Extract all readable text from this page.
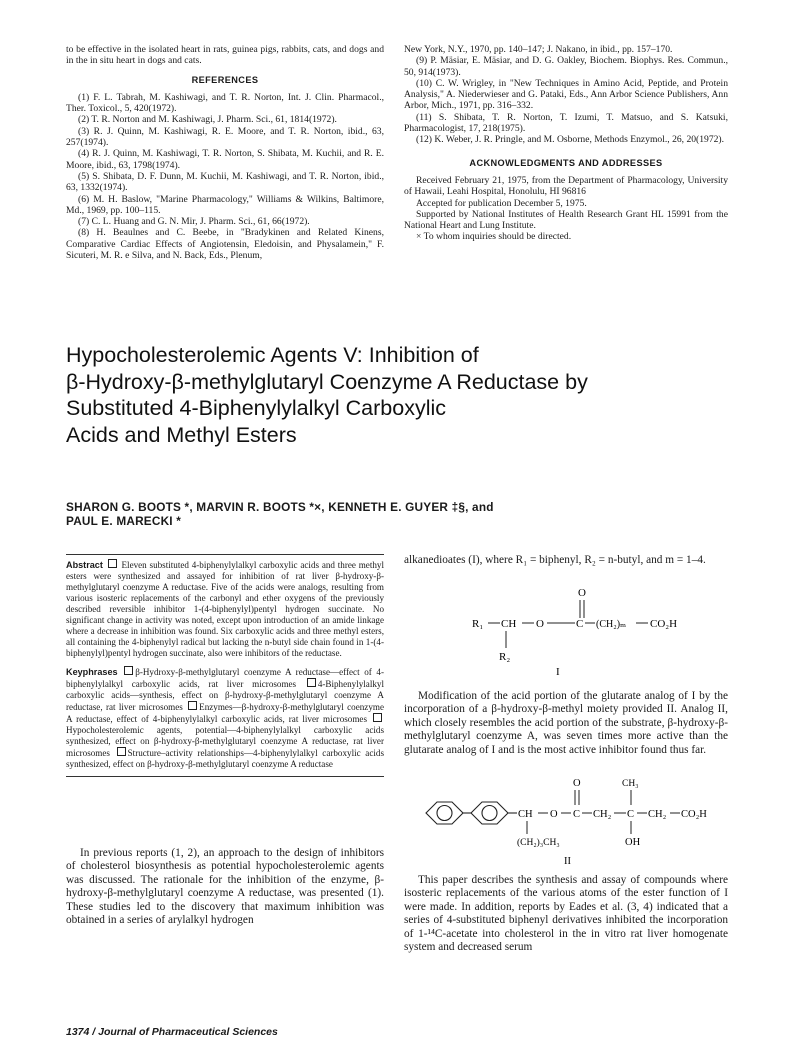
to be effective in the isolated heart in rats, guinea pigs, rabbits, cats, and dogs and in the in situ heart in dogs and cats.

REFERENCES

(1) F. L. Tabrah, M. Kashiwagi, and T. R. Norton, Int. J. Clin. Pharmacol., Ther. Toxicol., 5, 420(1972).

(2) T. R. Norton and M. Kashiwagi, J. Pharm. Sci., 61, 1814(1972).

(3) R. J. Quinn, M. Kashiwagi, R. E. Moore, and T. R. Norton, ibid., 63, 257(1974).

(4) R. J. Quinn, M. Kashiwagi, T. R. Norton, S. Shibata, M. Kuchii, and R. E. Moore, ibid., 63, 1798(1974).

(5) S. Shibata, D. F. Dunn, M. Kuchii, M. Kashiwagi, and T. R. Norton, ibid., 63, 1332(1974).

(6) M. H. Baslow, "Marine Pharmacology," Williams & Wilkins, Baltimore, Md., 1969, pp. 100–115.

(7) C. L. Huang and G. N. Mir, J. Pharm. Sci., 61, 66(1972).

(8) H. Beaulnes and C. Beebe, in "Bradykinen and Related Kinens, Comparative Cardiac Effects of Angiotensin, Eledoisin, and Physalamein," F. Sicuteri, M. R. e Silva, and N. Back, Eds., Plenum,

New York, N.Y., 1970, pp. 140–147; J. Nakano, in ibid., pp. 157–170.

(9) P. Mäsiar, E. Mäsiar, and D. G. Oakley, Biochem. Biophys. Res. Commun., 50, 914(1973).

(10) C. W. Wrigley, in "New Techniques in Amino Acid, Peptide, and Protein Analysis," A. Niederwieser and G. Pataki, Eds., Ann Arbor Science Publishers, Ann Arbor, Mich., 1971, pp. 316–332.

(11) S. Shibata, T. R. Norton, T. Izumi, T. Matsuo, and S. Katsuki, Pharmacologist, 17, 218(1975).

(12) K. Weber, J. R. Pringle, and M. Osborne, Methods Enzymol., 26, 20(1972).

ACKNOWLEDGMENTS AND ADDRESSES

Received February 21, 1975, from the Department of Pharmacology, University of Hawaii, Leahi Hospital, Honolulu, HI 96816

Accepted for publication December 5, 1975.

Supported by National Institutes of Health Research Grant HL 15991 from the National Heart and Lung Institute.

× To whom inquiries should be directed.

Hypocholesterolemic Agents V: Inhibition of
β-Hydroxy-β-methylglutaryl Coenzyme A Reductase by
Substituted 4-Biphenylylalkyl Carboxylic
Acids and Methyl Esters
SHARON G. BOOTS *, MARVIN R. BOOTS *×, KENNETH E. GUYER ‡§, and
PAUL E. MARECKI *

Abstract Eleven substituted 4-biphenylylalkyl carboxylic acids and three methyl esters were synthesized and assayed for inhibition of rat liver β-hydroxy-β-methylglutaryl coenzyme A reductase. Five of the acids were analogs, resulting from various isosteric replacements of the carbonyl and ether oxygens of the previously described reversible inhibitor 1-(4-biphenylyl)pentyl hydrogen succinate. No significant change in activity was noted, except upon introduction of an amide linkage where a decrease in inhibition was found. Six carboxylic acids and three methyl esters, all containing the 4-biphenylyl radical but lacking the n-butyl side chain found in 1-(4-biphenylyl)pentyl hydrogen succinate, also were inhibitors of the reductase.

Keyphrases β-Hydroxy-β-methylglutaryl coenzyme A reductase—effect of 4-biphenylylalkyl carboxylic acids, rat liver microsomes 4-Biphenylylalkyl carboxylic acids—synthesis, effect on β-hydroxy-β-methylglutaryl coenzyme A reductase, rat liver microsomes Enzymes—β-hydroxy-β-methylglutaryl coenzyme A reductase, effect of 4-biphenylylalkyl carboxylic acids, rat liver microsomes Hypocholesterolemic agents, potential—4-biphenylylalkyl carboxylic acids synthesized, effect on β-hydroxy-β-methylglutaryl coenzyme A reductase, rat liver microsomes Structure–activity relationships—4-biphenylylalkyl carboxylic acids synthesized, effect on β-hydroxy-β-methylglutaryl coenzyme A reductase

In previous reports (1, 2), an approach to the design of inhibitors of cholesterol biosynthesis as potential hypocholesterolemic agents was discussed. The rationale for the inhibition of the enzyme, β-hydroxy-β-methylglutaryl coenzyme A reductase, was presented (1). These studies led to the discovery that maximum inhibition was obtained in a series of arylalkyl hydrogen

alkanedioates (I), where R₁ = biphenyl, R₂ = n-butyl, and m = 1–4.

O
R₁ CH O	C (CH₂)ₘ CO₂H
R₂
I

Modification of the acid portion of the glutarate analog of I by the incorporation of a β-hydroxy-β-methyl moiety provided II. Analog II, which closely resembles the acid portion of the substrate, β-hydroxy-β-methylglutaryl coenzyme A, was seven times more active than the glutarate analog of I and is the most active inhibitor found thus far.

CH O C
O
CH₂ C
CH₃
CH₂ CO₂H
OH
(CH₂)₃CH₃
II

This paper describes the synthesis and assay of compounds where isosteric replacements of the various atoms of the ester function of I were made. In addition, reports by Eades et al. (3, 4) indicated that a series of 4-substituted biphenyl derivatives inhibited the incorporation of 1-¹⁴C-acetate into cholesterol in the in vitro rat liver homogenate system and decreased serum

1374 / Journal of Pharmaceutical Sciences
